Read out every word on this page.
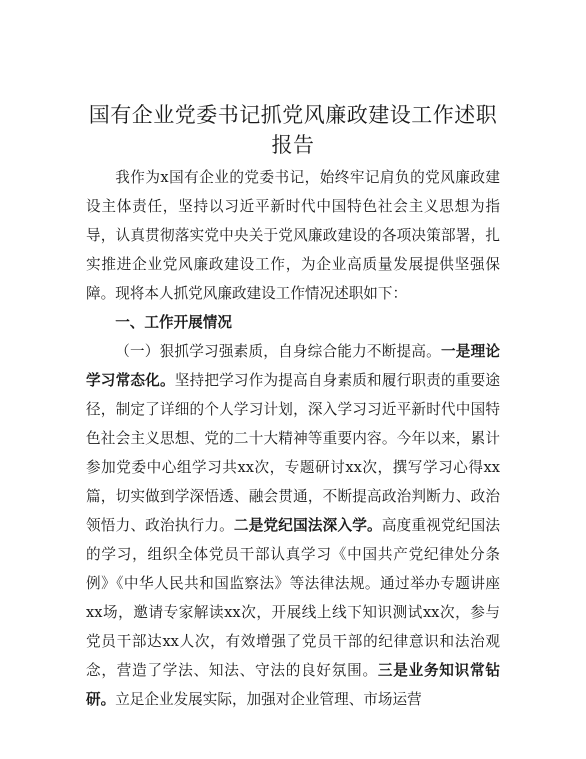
国有企业党委书记抓党风廉政建设工作述职报告

我作为x国有企业的党委书记，始终牢记肩负的党风廉政建设主体责任，坚持以习近平新时代中国特色社会主义思想为指导，认真贯彻落实党中央关于党风廉政建设的各项决策部署，扎实推进企业党风廉政建设工作，为企业高质量发展提供坚强保障。现将本人抓党风廉政建设工作情况述职如下：

一、工作开展情况

（一）狠抓学习强素质，自身综合能力不断提高。一是理论学习常态化。坚持把学习作为提高自身素质和履行职责的重要途径，制定了详细的个人学习计划，深入学习习近平新时代中国特色社会主义思想、党的二十大精神等重要内容。今年以来，累计参加党委中心组学习共xx次，专题研讨xx次，撰写学习心得xx篇，切实做到学深悟透、融会贯通，不断提高政治判断力、政治领悟力、政治执行力。二是党纪国法深入学。高度重视党纪国法的学习，组织全体党员干部认真学习《中国共产党纪律处分条例》《中华人民共和国监察法》等法律法规。通过举办专题讲座xx场，邀请专家解读xx次，开展线上线下知识测试xx次，参与党员干部达xx人次，有效增强了党员干部的纪律意识和法治观念，营造了学法、知法、守法的良好氛围。三是业务知识常钻研。立足企业发展实际，加强对企业管理、市场运营
